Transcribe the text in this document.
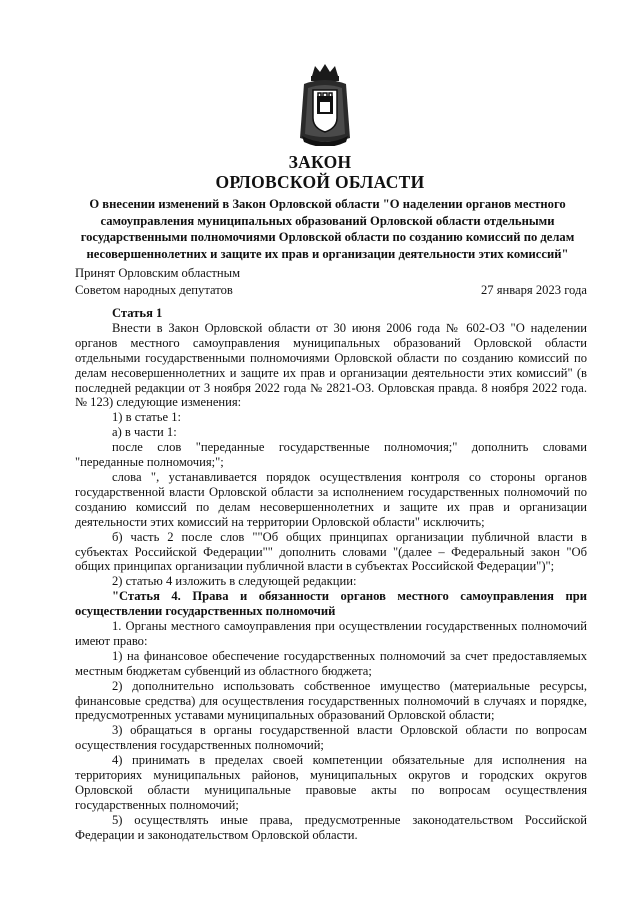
ЗАКОН
ОРЛОВСКОЙ ОБЛАСТИ
О внесении изменений в Закон Орловской области "О наделении органов местного самоуправления муниципальных образований Орловской области отдельными государственными полномочиями Орловской области по созданию комиссий по делам несовершеннолетних и защите их прав и организации деятельности этих комиссий"
Принят Орловским областным
Советом народных депутатов	27 января 2023 года

Статья 1

Внести в Закон Орловской области от 30 июня 2006 года № 602-ОЗ "О наделении органов местного самоуправления муниципальных образований Орловской области отдельными государственными полномочиями Орловской области по созданию комиссий по делам несовершеннолетних и защите их прав и организации деятельности этих комиссий" (в последней редакции от 3 ноября 2022 года № 2821-ОЗ. Орловская правда. 8 ноября 2022 года. № 123) следующие изменения:

1) в статье 1:

а) в части 1:

после слов "переданные государственные полномочия;" дополнить словами "переданные полномочия;";

слова ", устанавливается порядок осуществления контроля со стороны органов государственной власти Орловской области за исполнением государственных полномочий по созданию комиссий по делам несовершеннолетних и защите их прав и организации деятельности этих комиссий на территории Орловской области" исключить;

б) часть 2 после слов ""Об общих принципах организации публичной власти в субъектах Российской Федерации"" дополнить словами "(далее – Федеральный закон "Об общих принципах организации публичной власти в субъектах Российской Федерации")";

2) статью 4 изложить в следующей редакции:

"Статья 4. Права и обязанности органов местного самоуправления при осуществлении государственных полномочий

1. Органы местного самоуправления при осуществлении государственных полномочий имеют право:

1) на финансовое обеспечение государственных полномочий за счет предоставляемых местным бюджетам субвенций из областного бюджета;

2) дополнительно использовать собственное имущество (материальные ресурсы, финансовые средства) для осуществления государственных полномочий в случаях и порядке, предусмотренных уставами муниципальных образований Орловской области;

3) обращаться в органы государственной власти Орловской области по вопросам осуществления государственных полномочий;

4) принимать в пределах своей компетенции обязательные для исполнения на территориях муниципальных районов, муниципальных округов и городских округов Орловской области муниципальные правовые акты по вопросам осуществления государственных полномочий;

5) осуществлять иные права, предусмотренные законодательством Российской Федерации и законодательством Орловской области.
